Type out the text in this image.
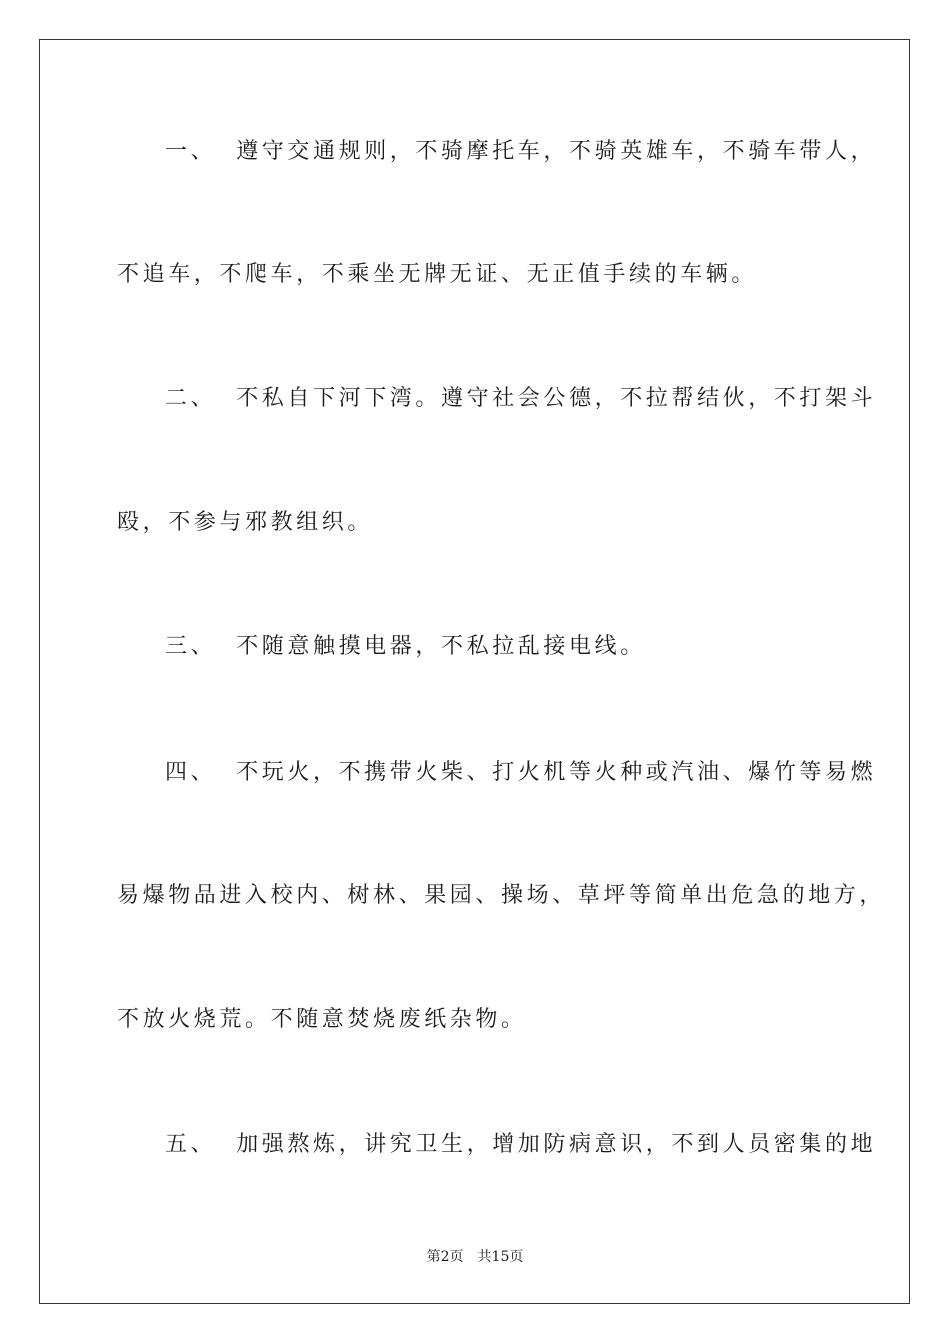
一、 遵守交通规则，不骑摩托车，不骑英雄车，不骑车带人，
不追车，不爬车，不乘坐无牌无证、无正值手续的车辆。
二、 不私自下河下湾。遵守社会公德，不拉帮结伙，不打架斗
殴，不参与邪教组织。
三、 不随意触摸电器，不私拉乱接电线。
四、 不玩火，不携带火柴、打火机等火种或汽油、爆竹等易燃
易爆物品进入校内、树林、果园、操场、草坪等简单出危急的地方，
不放火烧荒。不随意焚烧废纸杂物。
五、 加强熬炼，讲究卫生，增加防病意识，不到人员密集的地
第2页 共15页
